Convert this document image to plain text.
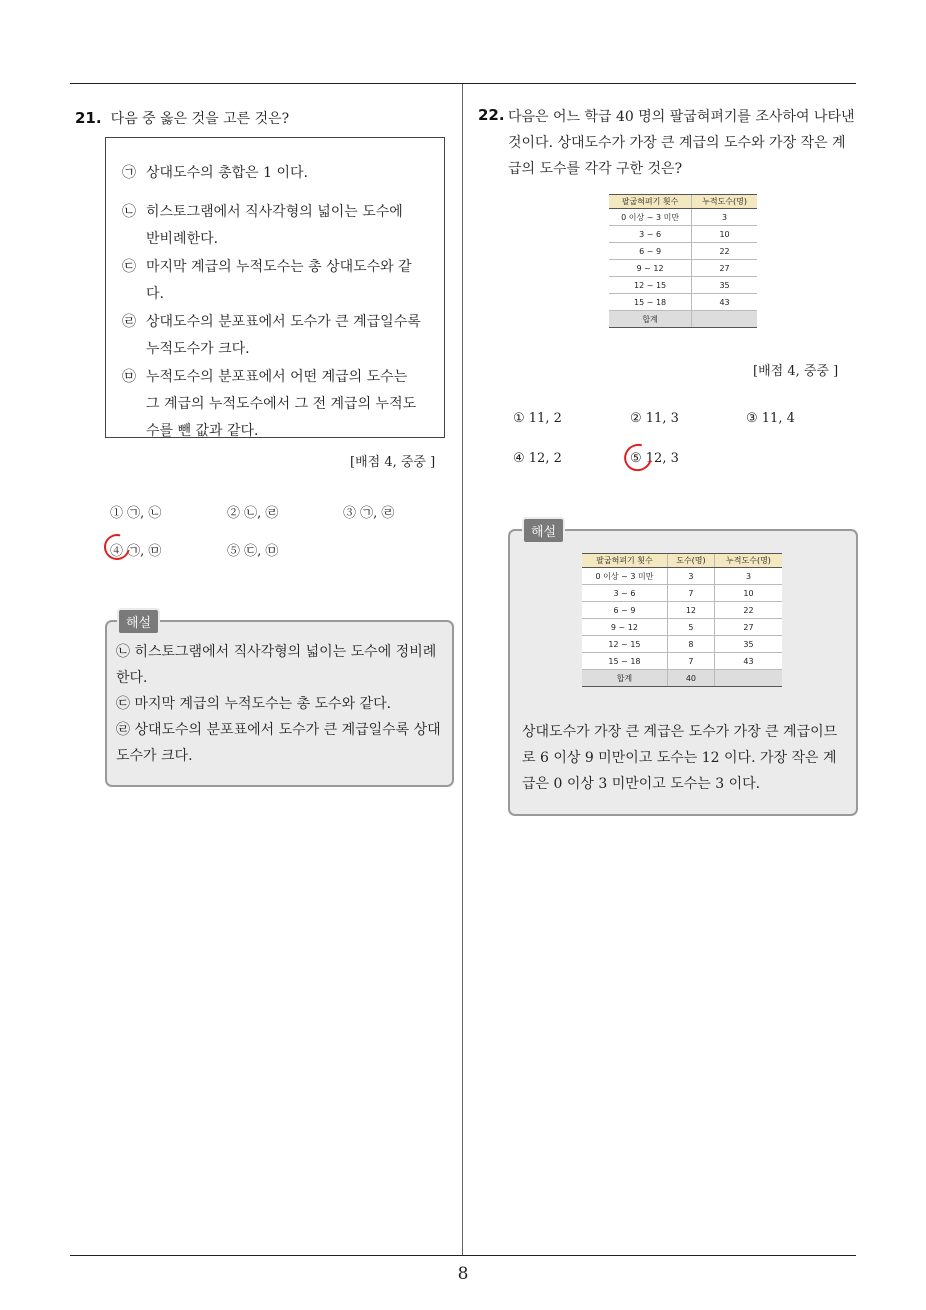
21. 다음 중 옳은 것을 고른 것은?
㉠ 상대도수의 총합은 1 이다.
㉡ 히스토그램에서 직사각형의 넓이는 도수에 반비례한다.
㉢ 마지막 계급의 누적도수는 총 상대도수와 같다.
㉣ 상대도수의 분포표에서 도수가 큰 계급일수록 누적도수가 크다.
㉤ 누적도수의 분포표에서 어떤 계급의 도수는 그 계급의 누적도수에서 그 전 계급의 누적도수를 뺀 값과 같다.
[배점 4, 중중 ]
① ㉠, ㉡	② ㉡, ㉣	③ ㉠, ㉣
④ ㉠, ㉤	⑤ ㉢, ㉤
해설
㉡ 히스토그램에서 직사각형의 넓이는 도수에 정비례한다.
㉢ 마지막 계급의 누적도수는 총 도수와 같다.
㉣ 상대도수의 분포표에서 도수가 큰 계급일수록 상대도수가 크다.
22. 다음은 어느 학급 40 명의 팔굽혀펴기를 조사하여 나타낸 것이다. 상대도수가 가장 큰 계급의 도수와 가장 작은 계급의 도수를 각각 구한 것은?
팔굽혀펴기 횟수	누적도수(명)
0 이상 ~ 3 미만	3
3 ~ 6	10
6 ~ 9	22
9 ~ 12	27
12 ~ 15	35
15 ~ 18	43
합계	
[배점 4, 중중 ]
① 11, 2	② 11, 3	③ 11, 4
④ 12, 2	⑤ 12, 3
해설
팔굽혀펴기 횟수	도수(명)	누적도수(명)
0 이상 ~ 3 미만	3	3
3 ~ 6	7	10
6 ~ 9	12	22
9 ~ 12	5	27
12 ~ 15	8	35
15 ~ 18	7	43
합계	40	
상대도수가 가장 큰 계급은 도수가 가장 큰 계급이므로 6 이상 9 미만이고 도수는 12 이다. 가장 작은 계급은 0 이상 3 미만이고 도수는 3 이다.
8
